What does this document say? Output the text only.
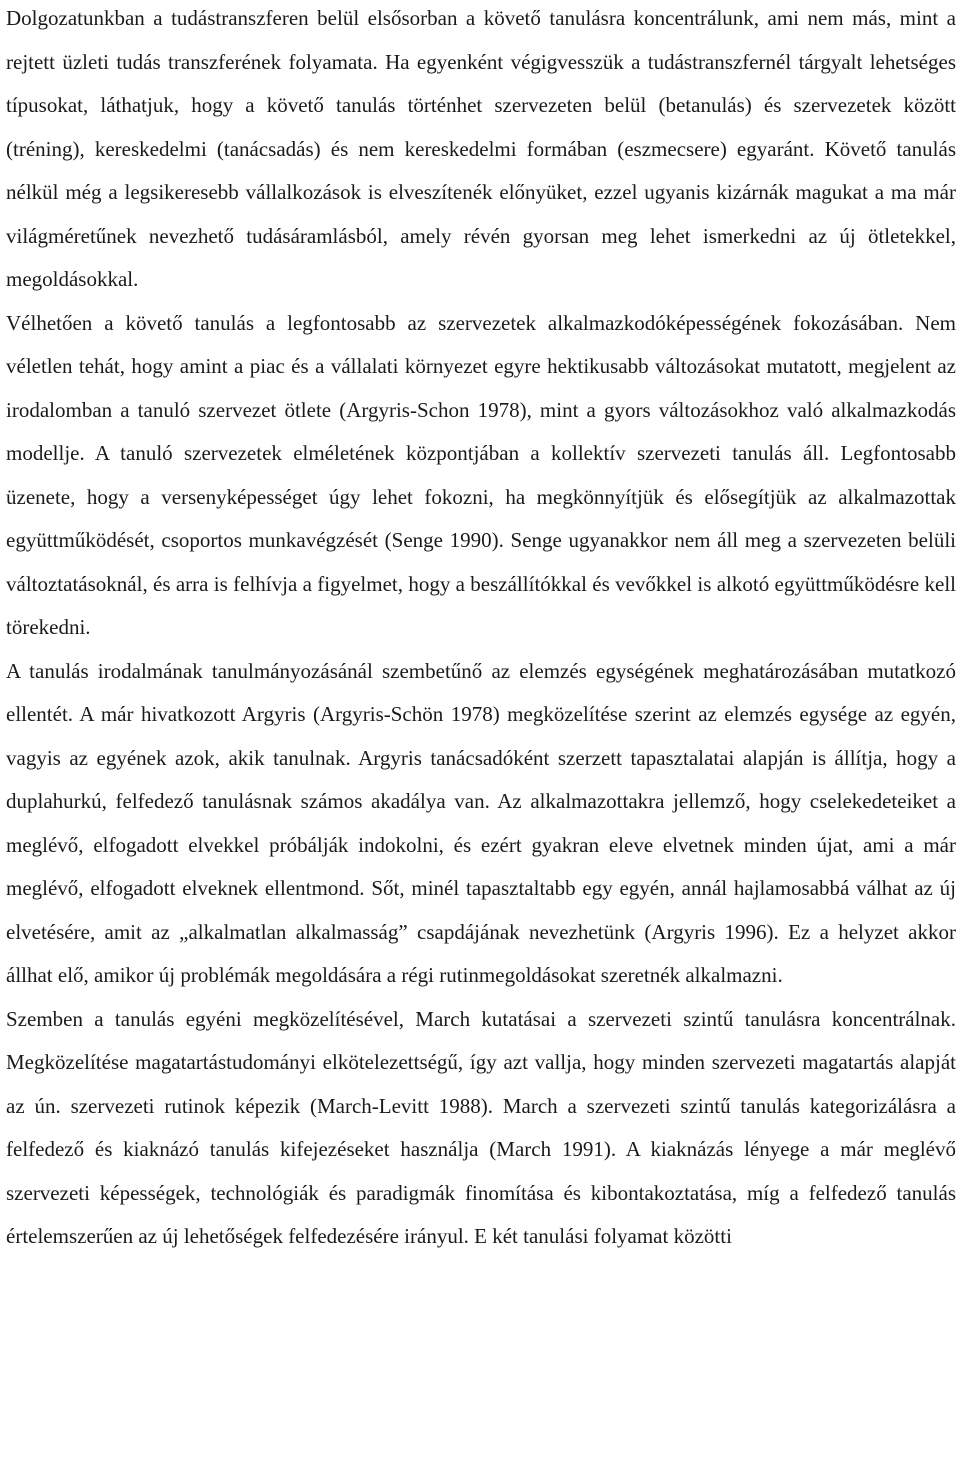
Dolgozatunkban a tudástranszferen belül elsősorban a követő tanulásra koncentrálunk, ami nem más, mint a rejtett üzleti tudás transzferének folyamata. Ha egyenként végigvesszük a tudástranszfernél tárgyalt lehetséges típusokat, láthatjuk, hogy a követő tanulás történhet szervezeten belül (betanulás) és szervezetek között (tréning), kereskedelmi (tanácsadás) és nem kereskedelmi formában (eszmecsere) egyaránt. Követő tanulás nélkül még a legsikeresebb vállalkozások is elveszítenék előnyüket, ezzel ugyanis kizárnák magukat a ma már világméretűnek nevezhető tudásáramlásból, amely révén gyorsan meg lehet ismerkedni az új ötletekkel, megoldásokkal.

Vélhetően a követő tanulás a legfontosabb az szervezetek alkalmazkodóképességének fokozásában. Nem véletlen tehát, hogy amint a piac és a vállalati környezet egyre hektikusabb változásokat mutatott, megjelent az irodalomban a tanuló szervezet ötlete (Argyris-Schon 1978), mint a gyors változásokhoz való alkalmazkodás modellje. A tanuló szervezetek elméletének központjában a kollektív szervezeti tanulás áll. Legfontosabb üzenete, hogy a versenyképességet úgy lehet fokozni, ha megkönnyítjük és elősegítjük az alkalmazottak együttműködését, csoportos munkavégzését (Senge 1990). Senge ugyanakkor nem áll meg a szervezeten belüli változtatásoknál, és arra is felhívja a figyelmet, hogy a beszállítókkal és vevőkkel is alkotó együttműködésre kell törekedni.

A tanulás irodalmának tanulmányozásánál szembetűnő az elemzés egységének meghatározásában mutatkozó ellentét. A már hivatkozott Argyris (Argyris-Schön 1978) megközelítése szerint az elemzés egysége az egyén, vagyis az egyének azok, akik tanulnak. Argyris tanácsadóként szerzett tapasztalatai alapján is állítja, hogy a duplahurkú, felfedező tanulásnak számos akadálya van. Az alkalmazottakra jellemző, hogy cselekedeteiket a meglévő, elfogadott elvekkel próbálják indokolni, és ezért gyakran eleve elvetnek minden újat, ami a már meglévő, elfogadott elveknek ellentmond. Sőt, minél tapasztaltabb egy egyén, annál hajlamosabbá válhat az új elvetésére, amit az „alkalmatlan alkalmasság” csapdájának nevezhetünk (Argyris 1996). Ez a helyzet akkor állhat elő, amikor új problémák megoldására a régi rutinmegoldásokat szeretnék alkalmazni.

Szemben a tanulás egyéni megközelítésével, March kutatásai a szervezeti szintű tanulásra koncentrálnak. Megközelítése magatartástudományi elkötelezettségű, így azt vallja, hogy minden szervezeti magatartás alapját az ún. szervezeti rutinok képezik (March-Levitt 1988). March a szervezeti szintű tanulás kategorizálásra a felfedező és kiaknázó tanulás kifejezéseket használja (March 1991). A kiaknázás lényege a már meglévő szervezeti képességek, technológiák és paradigmák finomítása és kibontakoztatása, míg a felfedező tanulás értelemszerűen az új lehetőségek felfedezésére irányul. E két tanulási folyamat közötti
